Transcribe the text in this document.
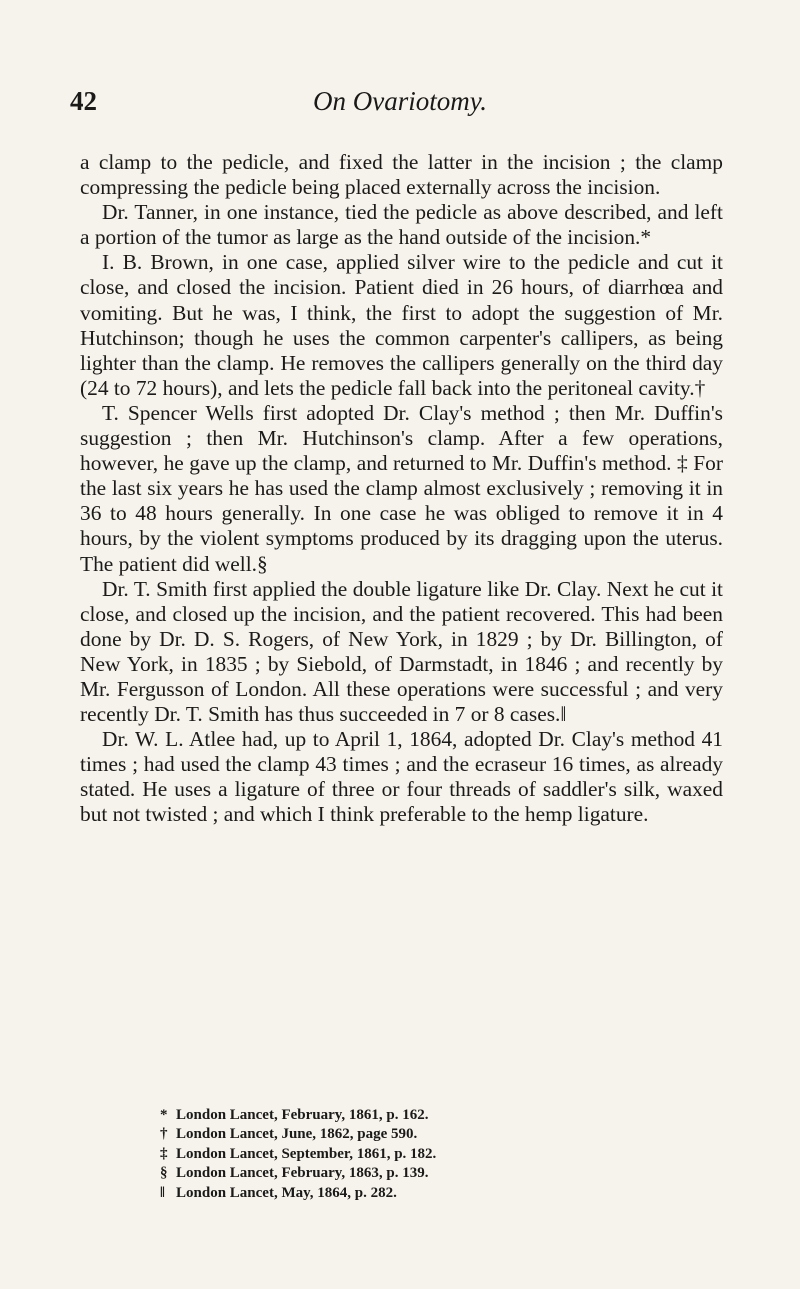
42	On Ovariotomy.

a clamp to the pedicle, and fixed the latter in the incision ; the clamp compressing the pedicle being placed externally across the incision.

Dr. Tanner, in one instance, tied the pedicle as above described, and left a portion of the tumor as large as the hand outside of the incision.*

I. B. Brown, in one case, applied silver wire to the pedicle and cut it close, and closed the incision. Patient died in 26 hours, of diarrhœa and vomiting. But he was, I think, the first to adopt the suggestion of Mr. Hutchinson; though he uses the common carpenter's callipers, as being lighter than the clamp. He removes the callipers generally on the third day (24 to 72 hours), and lets the pedicle fall back into the peritoneal cavity.†

T. Spencer Wells first adopted Dr. Clay's method ; then Mr. Duffin's suggestion ; then Mr. Hutchinson's clamp. After a few operations, however, he gave up the clamp, and returned to Mr. Duffin's method. ‡ For the last six years he has used the clamp almost exclusively ; removing it in 36 to 48 hours generally. In one case he was obliged to remove it in 4 hours, by the violent symptoms produced by its dragging upon the uterus. The patient did well.§

Dr. T. Smith first applied the double ligature like Dr. Clay. Next he cut it close, and closed up the incision, and the patient recovered. This had been done by Dr. D. S. Rogers, of New York, in 1829 ; by Dr. Billington, of New York, in 1835 ; by Siebold, of Darmstadt, in 1846 ; and recently by Mr. Fergusson of London. All these operations were successful ; and very recently Dr. T. Smith has thus succeeded in 7 or 8 cases.‖

Dr. W. L. Atlee had, up to April 1, 1864, adopted Dr. Clay's method 41 times ; had used the clamp 43 times ; and the ecraseur 16 times, as already stated. He uses a ligature of three or four threads of saddler's silk, waxed but not twisted ; and which I think preferable to the hemp ligature.

* London Lancet, February, 1861, p. 162.
† London Lancet, June, 1862, page 590.
‡ London Lancet, September, 1861, p. 182.
§ London Lancet, February, 1863, p. 139.
‖ London Lancet, May, 1864, p. 282.
